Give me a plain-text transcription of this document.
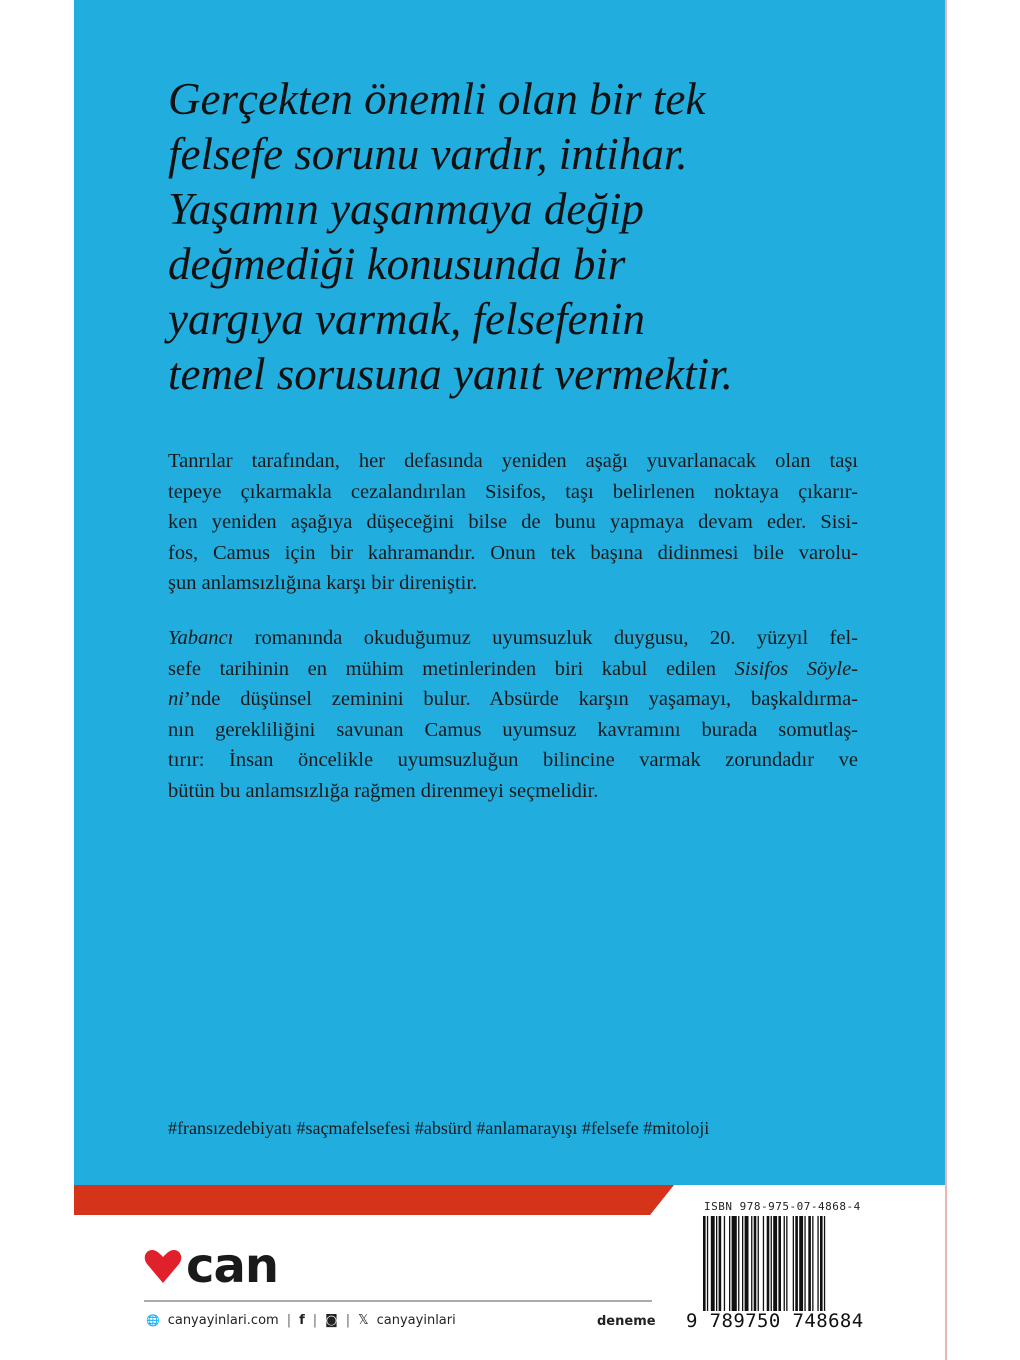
Gerçekten önemli olan bir tek
felsefe sorunu vardır, intihar.
Yaşamın yaşanmaya değip
değmediği konusunda bir
yargıya varmak, felsefenin
temel sorusuna yanıt vermektir.
Tanrılar tarafından, her defasında yeniden aşağı yuvarlanacak olan taşı
tepeye çıkarmakla cezalandırılan Sisifos, taşı belirlenen noktaya çıkarır-
ken yeniden aşağıya düşeceğini bilse de bunu yapmaya devam eder. Sisi-
fos, Camus için bir kahramandır. Onun tek başına didinmesi bile varolu-
şun anlamsızlığına karşı bir direniştir.
Yabancı romanında okuduğumuz uyumsuzluk duygusu, 20. yüzyıl fel-
sefe tarihinin en mühim metinlerinden biri kabul edilen Sisifos Söyle-
ni’nde düşünsel zeminini bulur. Absürde karşın yaşamayı, başkaldırma-
nın gerekliliğini savunan Camus uyumsuz kavramını burada somutlaş-
tırır: İnsan öncelikle uyumsuzluğun bilincine varmak zorundadır ve
bütün bu anlamsızlığa rağmen direnmeyi seçmelidir.
#fransızedebiyatı #saçmafelsefesi #absürd #anlamarayışı #felsefe #mitoloji
can
🌐 canyayinlari.com | f | ◙ | 𝕏 canyayinlari	deneme
ISBN 978-975-07-4868-4
9 789750 748684
